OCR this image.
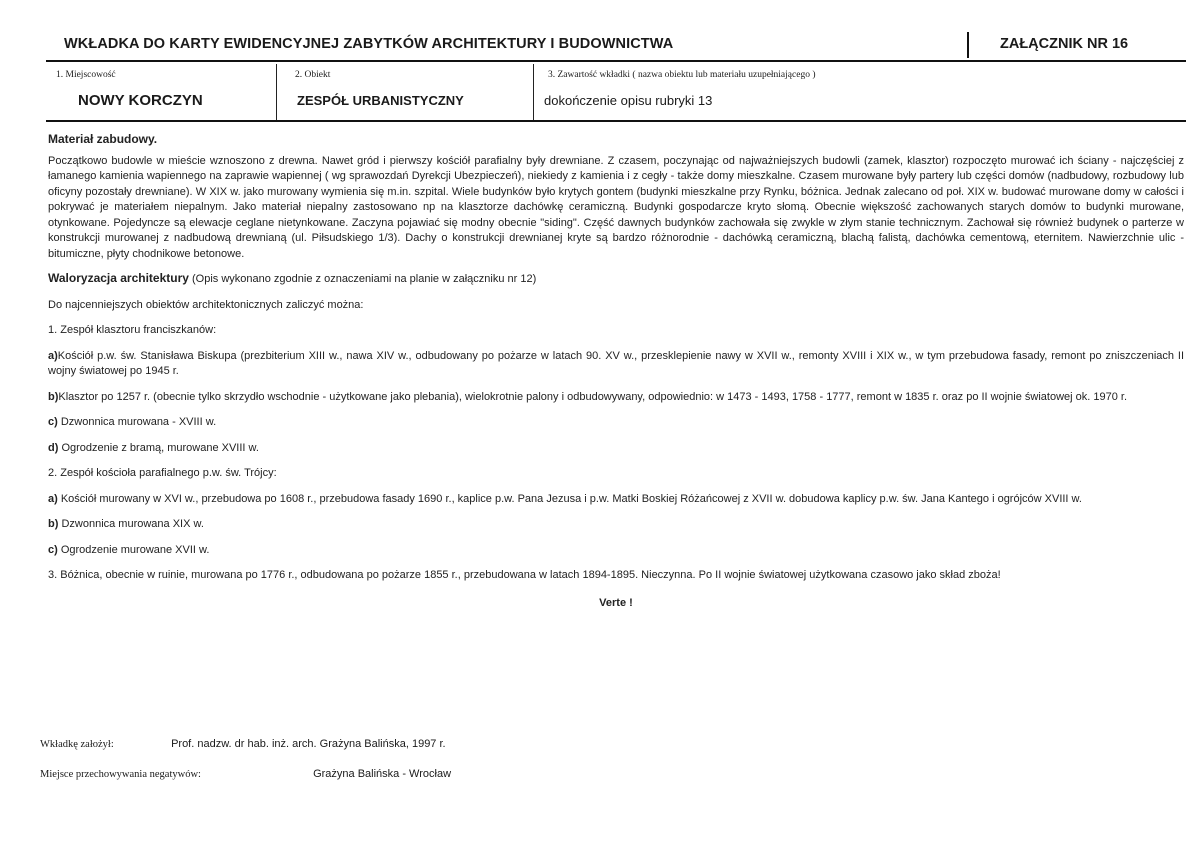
WKŁADKA DO KARTY EWIDENCYJNEJ ZABYTKÓW ARCHITEKTURY I BUDOWNICTWA	ZAŁĄCZNIK NR 16
1. Miejscowość
NOWY KORCZYN
2. Obiekt
ZESPÓŁ URBANISTYCZNY
3. Zawartość wkładki ( nazwa obiektu lub materiału uzupełniającego )
dokończenie opisu rubryki 13

Materiał zabudowy.

Początkowo budowle w mieście wznoszono z drewna. Nawet gród i pierwszy kościół parafialny były drewniane. Z czasem, poczynając od najważniejszych budowli (zamek, klasztor) rozpoczęto murować ich ściany - najczęściej z łamanego kamienia wapiennego na zaprawie wapiennej ( wg sprawozdań Dyrekcji Ubezpieczeń), niekiedy z kamienia i z cegły - także domy mieszkalne. Czasem murowane były partery lub części domów (nadbudowy, rozbudowy lub oficyny pozostały drewniane). W XIX w. jako murowany wymienia się m.in. szpital. Wiele budynków było krytych gontem (budynki mieszkalne przy Rynku, bóżnica. Jednak zalecano od poł. XIX w. budować murowane domy w całości i pokrywać je materiałem niepalnym. Jako materiał niepalny zastosowano np na klasztorze dachówkę ceramiczną. Budynki gospodarcze kryto słomą. Obecnie większość zachowanych starych domów to budynki murowane, otynkowane. Pojedyncze są elewacje ceglane nietynkowane. Zaczyna pojawiać się modny obecnie "siding". Część dawnych budynków zachowała się zwykle w złym stanie technicznym. Zachował się również budynek o parterze w konstrukcji murowanej z nadbudową drewnianą (ul. Piłsudskiego 1/3). Dachy o konstrukcji drewnianej kryte są bardzo różnorodnie - dachówką ceramiczną, blachą falistą, dachówka cementową, eternitem. Nawierzchnie ulic - bitumiczne, płyty chodnikowe betonowe.

Waloryzacja architektury (Opis wykonano zgodnie z oznaczeniami na planie w załączniku nr 12)

Do najcenniejszych obiektów architektonicznych zaliczyć można:

1. Zespół klasztoru franciszkanów:

a)Kościół p.w. św. Stanisława Biskupa (prezbiterium XIII w., nawa XIV w., odbudowany po pożarze w latach 90. XV w., przesklepienie nawy w XVII w., remonty XVIII i XIX w., w tym przebudowa fasady, remont po zniszczeniach II wojny światowej po 1945 r.

b)Klasztor po 1257 r. (obecnie tylko skrzydło wschodnie - użytkowane jako plebania), wielokrotnie palony i odbudowywany, odpowiednio: w 1473 - 1493, 1758 - 1777, remont w 1835 r. oraz po II wojnie światowej ok. 1970 r.

c) Dzwonnica murowana - XVIII w.

d) Ogrodzenie z bramą, murowane XVIII w.

2. Zespół kościoła parafialnego p.w. św. Trójcy:

a) Kościół murowany w XVI w., przebudowa po 1608 r., przebudowa fasady 1690 r., kaplice p.w. Pana Jezusa i p.w. Matki Boskiej Różańcowej z XVII w. dobudowa kaplicy p.w. św. Jana Kantego i ogrójców XVIII w.

b) Dzwonnica murowana XIX w.

c) Ogrodzenie murowane XVII w.

3. Bóżnica, obecnie w ruinie, murowana po 1776 r., odbudowana po pożarze 1855 r., przebudowana w latach 1894-1895. Nieczynna. Po II wojnie światowej użytkowana czasowo jako skład zboża!

Verte !

Wkładkę założył:	Prof. nadzw. dr hab. inż. arch. Grażyna Balińska, 1997 r.
Miejsce przechowywania negatywów:	Grażyna Balińska - Wrocław
